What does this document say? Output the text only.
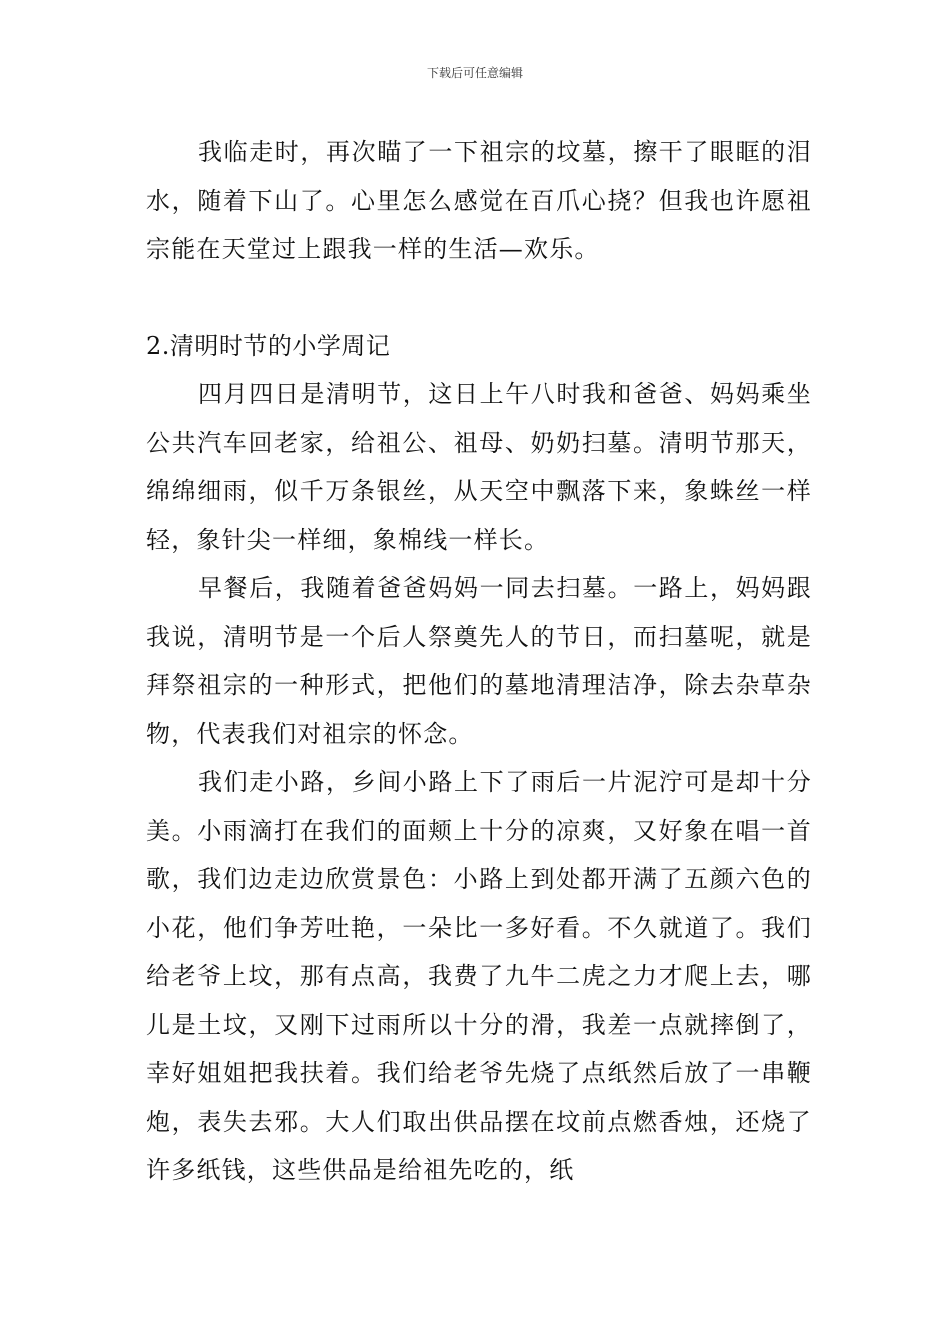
下载后可任意编辑

我临走时，再次瞄了一下祖宗的坟墓，擦干了眼眶的泪水，随着下山了。心里怎么感觉在百爪心挠？但我也许愿祖宗能在天堂过上跟我一样的生活—欢乐。

2.清明时节的小学周记

四月四日是清明节，这日上午八时我和爸爸、妈妈乘坐公共汽车回老家，给祖公、祖母、奶奶扫墓。清明节那天，绵绵细雨，似千万条银丝，从天空中飘落下来，象蛛丝一样轻，象针尖一样细，象棉线一样长。

早餐后，我随着爸爸妈妈一同去扫墓。一路上，妈妈跟我说，清明节是一个后人祭奠先人的节日，而扫墓呢，就是拜祭祖宗的一种形式，把他们的墓地清理洁净，除去杂草杂物，代表我们对祖宗的怀念。

我们走小路，乡间小路上下了雨后一片泥泞可是却十分美。小雨滴打在我们的面颊上十分的凉爽，又好象在唱一首歌，我们边走边欣赏景色：小路上到处都开满了五颜六色的小花，他们争芳吐艳，一朵比一多好看。不久就道了。我们给老爷上坟，那有点高，我费了九牛二虎之力才爬上去，哪儿是土坟，又刚下过雨所以十分的滑，我差一点就摔倒了，幸好姐姐把我扶着。我们给老爷先烧了点纸然后放了一串鞭炮，表失去邪。大人们取出供品摆在坟前点燃香烛，还烧了许多纸钱，这些供品是给祖先吃的，纸
